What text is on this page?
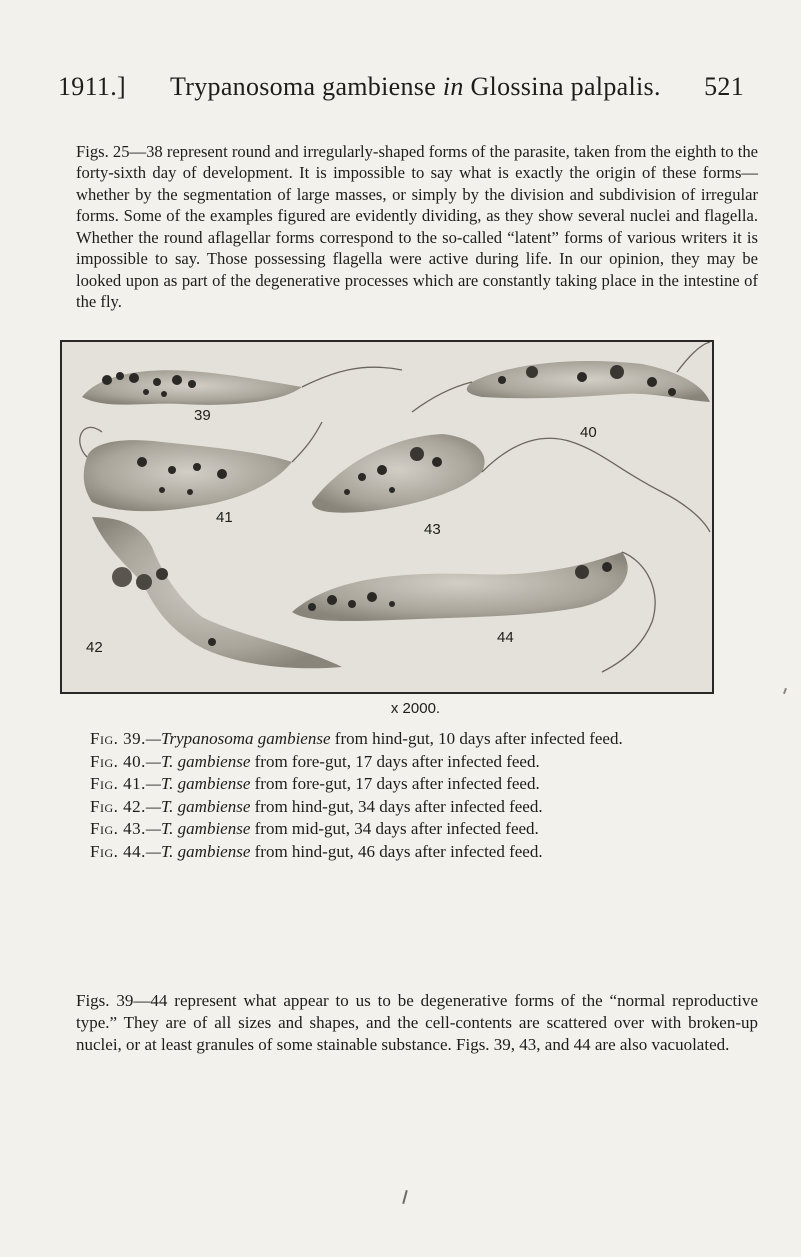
1911.] Trypanosoma gambiense in Glossina palpalis. 521

Figs. 25—38 represent round and irregularly-shaped forms of the parasite, taken from the eighth to the forty-sixth day of development. It is impossible to say what is exactly the origin of these forms—whether by the segmentation of large masses, or simply by the division and subdivision of irregular forms. Some of the examples figured are evidently dividing, as they show several nuclei and flagella. Whether the round aflagellar forms correspond to the so-called “latent” forms of various writers it is impossible to say. Those possessing flagella were active during life. In our opinion, they may be looked upon as part of the degenerative processes which are constantly taking place in the intestine of the fly.

39
40
41
43
42
44
x 2000.
Fig. 39.—Trypanosoma gambiense from hind-gut, 10 days after infected feed.
Fig. 40.—T. gambiense from fore-gut, 17 days after infected feed.
Fig. 41.—T. gambiense from fore-gut, 17 days after infected feed.
Fig. 42.—T. gambiense from hind-gut, 34 days after infected feed.
Fig. 43.—T. gambiense from mid-gut, 34 days after infected feed.
Fig. 44.—T. gambiense from hind-gut, 46 days after infected feed.

Figs. 39—44 represent what appear to us to be degenerative forms of the “normal reproductive type.” They are of all sizes and shapes, and the cell-contents are scattered over with broken-up nuclei, or at least granules of some stainable substance. Figs. 39, 43, and 44 are also vacuolated.
